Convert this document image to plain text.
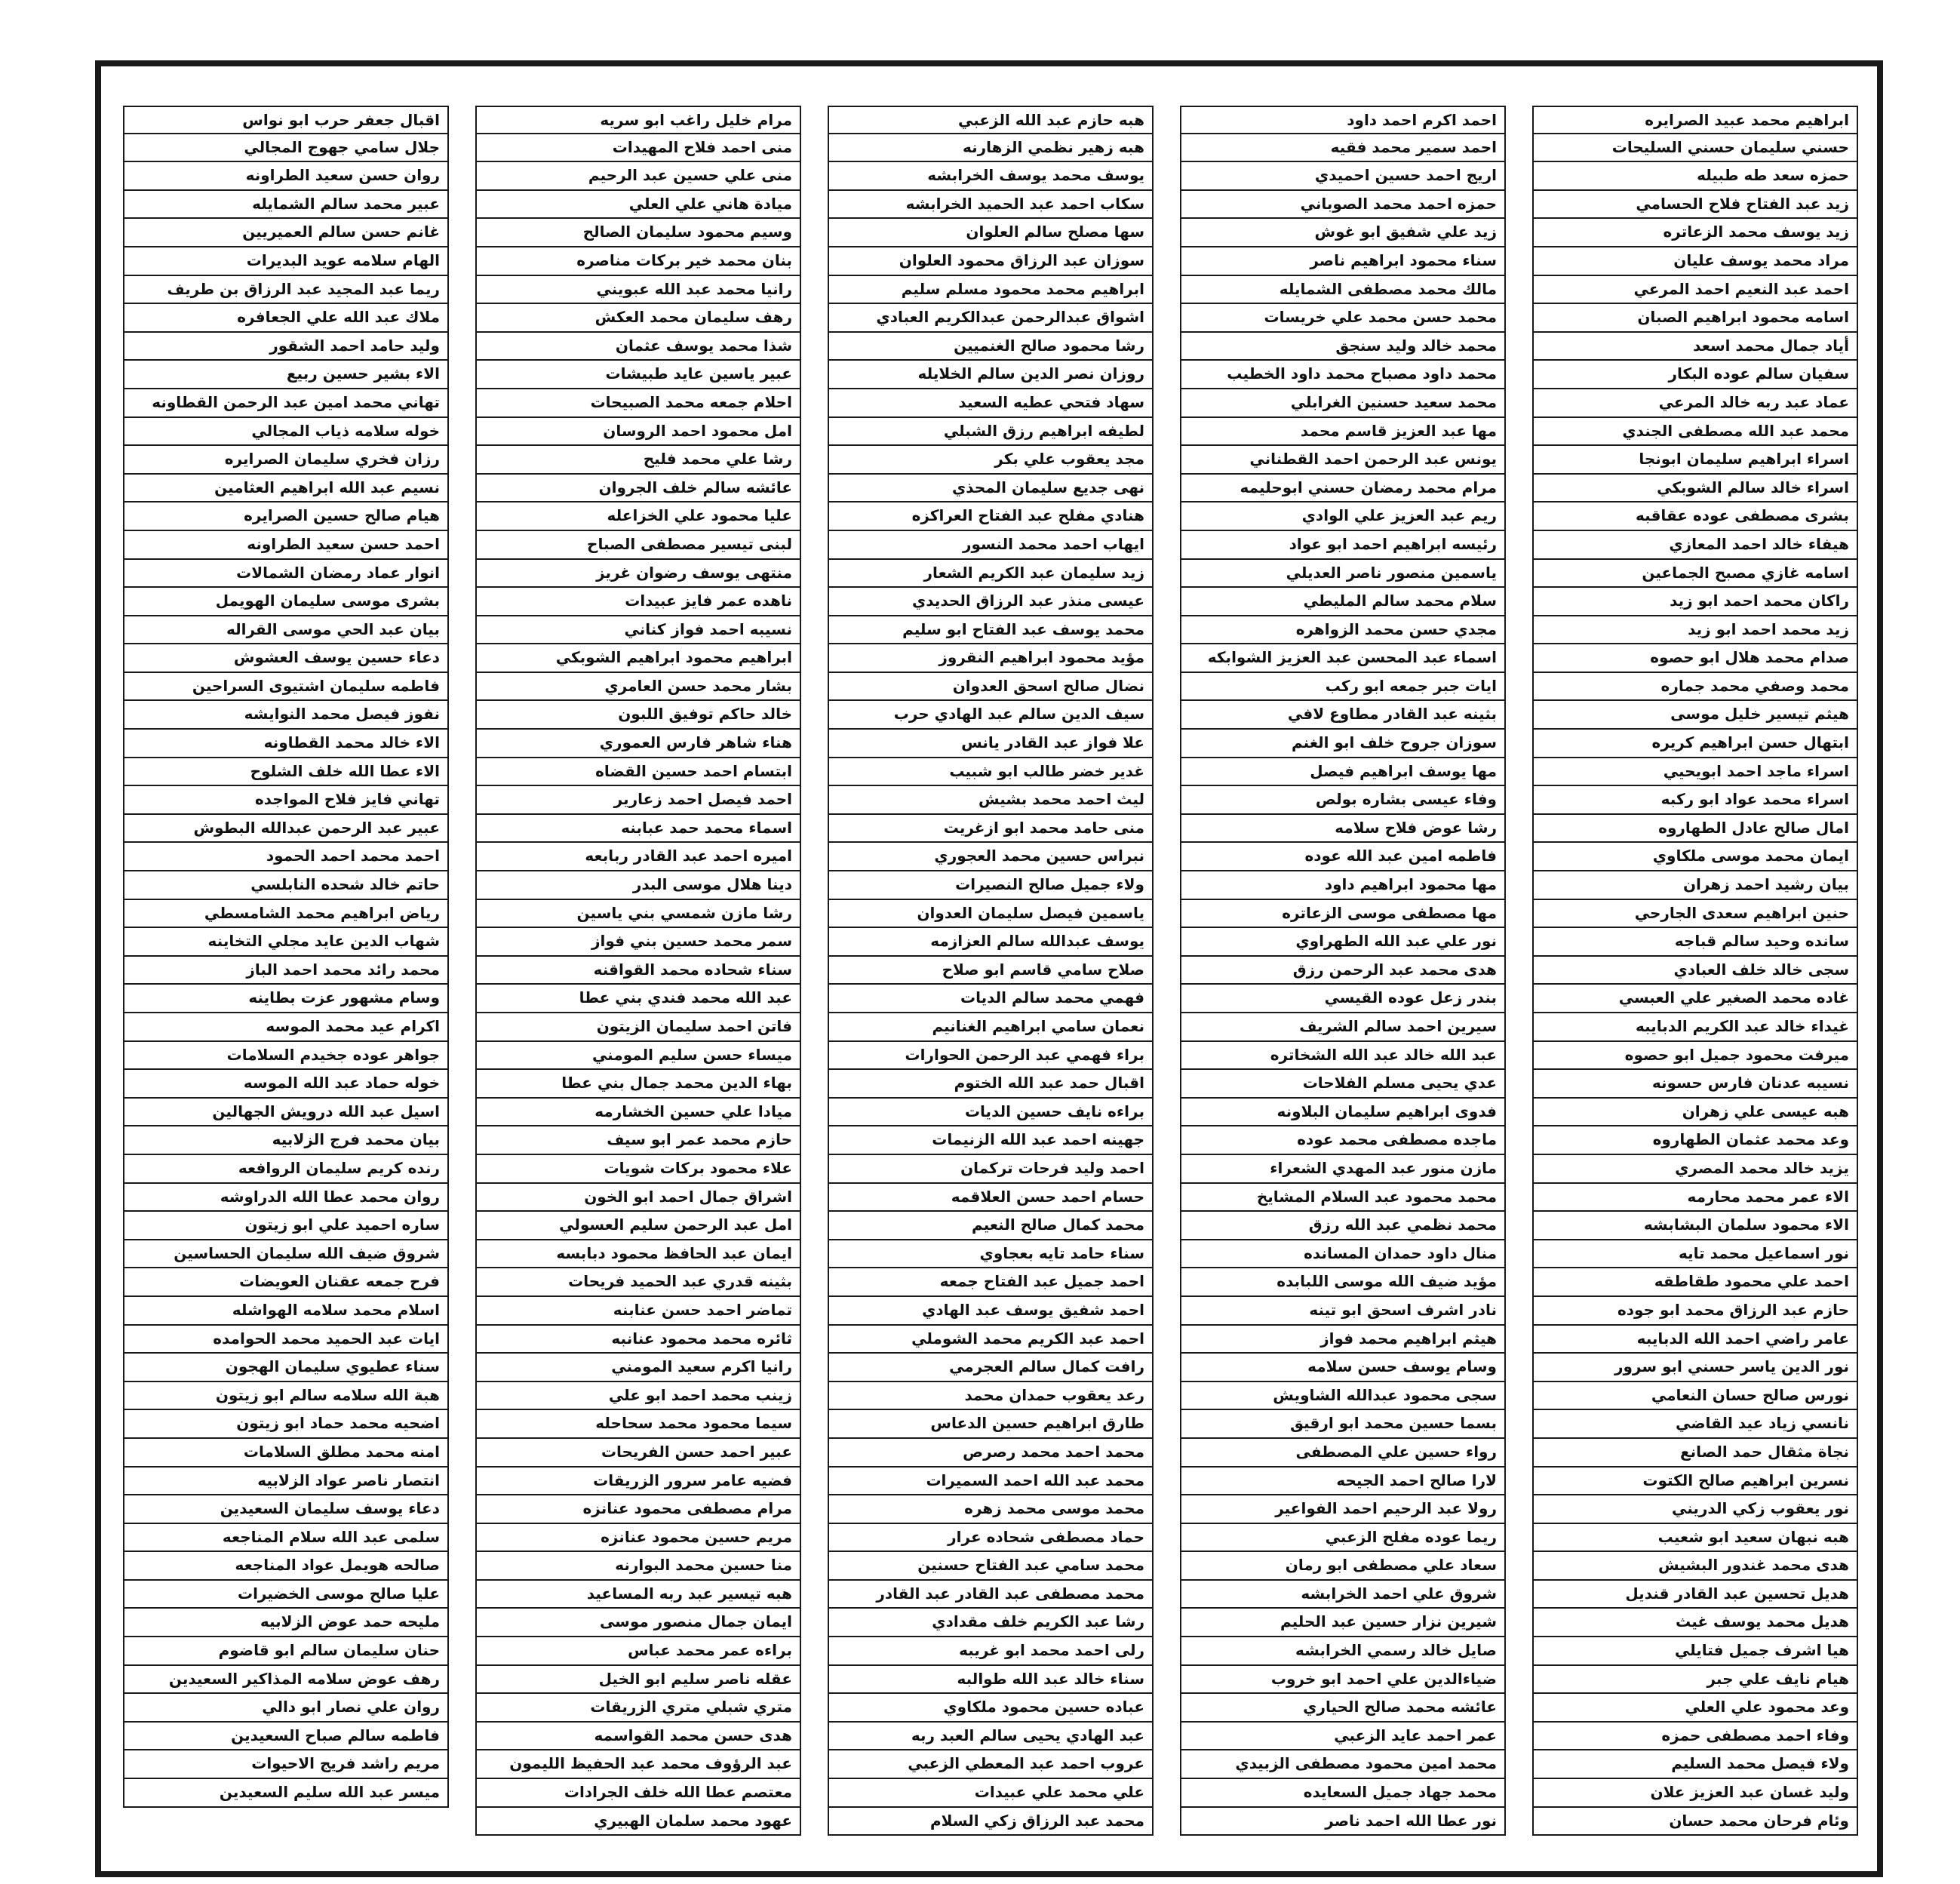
ابراهيم محمد عبيد الصرايره
حسني سليمان حسني السليحات
حمزه سعد طه طبيله
زيد عبد الفتاح فلاح الحسامي
زيد يوسف محمد الزعاتره
مراد محمد يوسف عليان
احمد عبد النعيم احمد المرعي
اسامه محمود ابراهيم الصبان
أياد جمال محمد اسعد
سفيان سالم عوده البكار
عماد عبد ربه خالد المرعي
محمد عبد الله مصطفى الجندي
اسراء ابراهيم سليمان ابونجا
اسراء خالد سالم الشوبكي
بشرى مصطفى عوده عقاقبه
هيفاء خالد احمد المعازي
اسامه غازي مصبح الجماعين
راكان محمد احمد ابو زيد
زيد محمد احمد ابو زيد
صدام محمد هلال ابو حصوه
محمد وصفي محمد جماره
هيثم تيسير خليل موسى
ابتهال حسن ابراهيم كريره
اسراء ماجد احمد ابويحيي
اسراء محمد عواد ابو ركبه
امال صالح عادل الطهاروه
ايمان محمد موسى ملكاوي
بيان رشيد احمد زهران
حنين ابراهيم سعدى الجارحي
سانده وحيد سالم قباجه
سجى خالد خلف العبادي
غاده محمد الصغير علي العبسي
غيداء خالد عبد الكريم الدبايبه
ميرفت محمود جميل ابو حصوه
نسيبه عدنان فارس حسونه
هبه عيسى علي زهران
وعد محمد عثمان الطهاروه
يزيد خالد محمد المصري
الاء عمر محمد محارمه
الاء محمود سلمان البشابشه
نور اسماعيل محمد تايه
احمد علي محمود طقاطقه
حازم عبد الرزاق محمد ابو جوده
عامر راضي احمد الله الدبايبه
نور الدين ياسر حسني ابو سرور
نورس صالح حسان النعامي
نانسي زياد عيد القاضي
نجاة مثقال حمد الصانع
نسرين ابراهيم صالح الكتوت
نور يعقوب زكي الدريني
هبه نبهان سعيد ابو شعيب
هدى محمد غندور البشيش
هديل تحسين عبد القادر قنديل
هديل محمد يوسف غيث
هيا اشرف جميل فتايلي
هيام نايف علي جبر
وعد محمود علي العلي
وفاء احمد مصطفى حمزه
ولاء فيصل محمد السليم
وليد غسان عبد العزيز علان
وئام فرحان محمد حسان
احمد اكرم احمد داود
احمد سمير محمد فقيه
اريج احمد حسين احميدي
حمزه احمد محمد الصوباني
زيد علي شفيق ابو غوش
سناء محمود ابراهيم ناصر
مالك محمد مصطفى الشمايله
محمد حسن محمد علي خريسات
محمد خالد وليد سنجق
محمد داود مصباح محمد داود الخطيب
محمد سعيد حسنين الغرابلي
مها عبد العزيز قاسم محمد
يونس عبد الرحمن احمد القطناني
مرام محمد رمضان حسني ابوحليمه
ريم عبد العزيز علي الوادي
رئيسه ابراهيم احمد ابو عواد
ياسمين منصور ناصر العديلي
سلام محمد سالم المليطي
مجدي حسن محمد الزواهره
اسماء عبد المحسن عبد العزيز الشوابكه
ايات جبر جمعه ابو ركب
بثينه عبد القادر مطاوع لافي
سوزان جروح خلف ابو الغنم
مها يوسف ابراهيم فيصل
وفاء عيسى بشاره بولص
رشا عوض فلاح سلامه
فاطمه امين عبد الله عوده
مها محمود ابراهيم داود
مها مصطفى موسى الزعاتره
نور علي عبد الله الطهراوي
هدى محمد عبد الرحمن رزق
بندر زعل عوده القيسي
سيرين احمد سالم الشريف
عبد الله خالد عبد الله الشخاتره
عدي يحيى مسلم الفلاحات
فدوى ابراهيم سليمان البلاونه
ماجده مصطفى محمد عوده
مازن منور عبد المهدي الشعراء
محمد محمود عبد السلام المشايخ
محمد نظمي عبد الله رزق
منال داود حمدان المسانده
مؤيد ضيف الله موسى اللبابده
نادر اشرف اسحق ابو تينه
هيثم ابراهيم محمد فواز
وسام يوسف حسن سلامه
سجى محمود عبدالله الشاويش
بسما حسين محمد ابو ارقيق
رواء حسين علي المصطفى
لارا صالح احمد الجيحه
رولا عبد الرحيم احمد الفواعير
ريما عوده مفلح الزعبي
سعاد علي مصطفى ابو رمان
شروق علي احمد الخرابشه
شيرين نزار حسين عبد الحليم
صايل خالد رسمي الخرابشه
ضياءالدين علي احمد ابو خروب
عائشه محمد صالح الحياري
عمر احمد عايد الزعبي
محمد امين محمود مصطفى الزبيدي
محمد جهاد جميل السعايده
نور عطا الله احمد ناصر
هبه حازم عبد الله الزعبي
هبه زهير نظمي الزهارنه
يوسف محمد يوسف الخرابشه
سكاب احمد عبد الحميد الخرابشه
سها مصلح سالم العلوان
سوزان عبد الرزاق محمود العلوان
ابراهيم محمد محمود مسلم سليم
اشواق عبدالرحمن عبدالكريم العبادي
رشا محمود صالح الغنميين
روزان نصر الدين سالم الخلايله
سهاد فتحي عطيه السعيد
لطيفه ابراهيم رزق الشبلي
مجد يعقوب علي بكر
نهى جديع سليمان المحذي
هنادي مفلح عبد الفتاح العراكزه
ايهاب احمد محمد النسور
زيد سليمان عبد الكريم الشعار
عيسى منذر عبد الرزاق الحديدي
محمد يوسف عبد الفتاح ابو سليم
مؤيد محمود ابراهيم النقروز
نضال صالح اسحق العدوان
سيف الدين سالم عبد الهادي حرب
علا فواز عبد القادر يانس
غدير خضر طالب ابو شبيب
ليث احمد محمد بشيش
منى حامد محمد ابو ازغريت
نبراس حسين محمد العجوري
ولاء جميل صالح النصيرات
ياسمين فيصل سليمان العدوان
يوسف عبدالله سالم العزازمه
صلاح سامي قاسم ابو صلاح
فهمي محمد سالم الديات
نعمان سامي ابراهيم الغنانيم
براء فهمي عبد الرحمن الحوارات
اقبال حمد عبد الله الختوم
براءه نايف حسين الديات
جهينه احمد عبد الله الزنيمات
احمد وليد فرحات تركمان
حسام احمد حسن العلاقمه
محمد كمال صالح النعيم
سناء حامد تايه بعجاوي
احمد جميل عبد الفتاح جمعه
احمد شفيق يوسف عبد الهادي
احمد عبد الكريم محمد الشوملي
رافت كمال سالم العجرمي
رعد يعقوب حمدان محمد
طارق ابراهيم حسين الدعاس
محمد احمد محمد رصرص
محمد عبد الله احمد السميرات
محمد موسى محمد زهره
حماد مصطفى شحاده عرار
محمد سامي عبد الفتاح حسنين
محمد مصطفى عبد القادر عبد القادر
رشا عبد الكريم خلف مقدادي
رلى احمد محمد ابو غريبه
سناء خالد عبد الله طوالبه
عباده حسين محمود ملكاوي
عبد الهادي يحيى سالم العبد ربه
عروب احمد عبد المعطي الزعبي
علي محمد علي عبيدات
محمد عبد الرزاق زكي السلام
مرام خليل راغب ابو سريه
منى احمد فلاح المهيدات
منى علي حسين عبد الرحيم
ميادة هاني علي العلي
وسيم محمود سليمان الصالح
بنان محمد خير بركات مناصره
رانيا محمد عبد الله عبويني
رهف سليمان محمد العكش
شذا محمد يوسف عثمان
عبير ياسين عايد طبيشات
احلام جمعه محمد الصبيحات
امل محمود احمد الروسان
رشا علي محمد فليح
عائشه سالم خلف الجروان
عليا محمود علي الخزاعله
لبنى تيسير مصطفى الصباح
منتهى يوسف رضوان غريز
ناهده عمر فايز عبيدات
نسيبه احمد فواز كناني
ابراهيم محمود ابراهيم الشوبكي
بشار محمد حسن العامري
خالد حاكم توفيق اللبون
هناء شاهر فارس العموري
ابتسام احمد حسين القضاه
احمد فيصل احمد زعارير
اسماء محمد حمد عبابنه
اميره احمد عبد القادر ربابعه
دينا هلال موسى البدر
رشا مازن شمسي بني ياسين
سمر محمد حسين بني فواز
سناء شحاده محمد القواقنه
عبد الله محمد فندي بني عطا
فاتن احمد سليمان الزيتون
ميساء حسن سليم المومني
بهاء الدين محمد جمال بني عطا
ميادا علي حسين الخشارمه
حازم محمد عمر ابو سيف
علاء محمود بركات شويات
اشراق جمال احمد ابو الخون
امل عبد الرحمن سليم العسولي
ايمان عبد الحافظ محمود دبابسه
بثينه قدري عبد الحميد فريحات
تماضر احمد حسن عنابنه
ثائره محمد محمود عنانبه
رانيا اكرم سعيد المومني
زينب محمد احمد ابو علي
سيما محمود محمد سحاحله
عبير احمد حسن الفريحات
فضيه عامر سرور الزريقات
مرام مصطفى محمود عنانزه
مريم حسين محمود عنانزه
منا حسين محمد البوارنه
هبه تيسير عبد ربه المساعيد
ايمان جمال منصور موسى
براءه عمر محمد عباس
عقله ناصر سليم ابو الخيل
متري شبلي متري الزريقات
هدى حسن محمد القواسمه
عبد الرؤوف محمد عبد الحفيظ الليمون
معتصم عطا الله خلف الجرادات
عهود محمد سلمان الهبيري
اقبال جعفر حرب ابو نواس
جلال سامي جهوج المجالي
روان حسن سعيد الطراونه
عبير محمد سالم الشمايله
غانم حسن سالم العميريين
الهام سلامه عويد البديرات
ريما عبد المجيد عبد الرزاق بن طريف
ملاك عبد الله علي الجعافره
وليد حامد احمد الشقور
الاء بشير حسين ربيع
تهاني محمد امين عبد الرحمن القطاونه
خوله سلامه ذياب المجالي
رزان فخري سليمان الصرايره
نسيم عبد الله ابراهيم العثامين
هيام صالح حسين الصرايره
احمد حسن سعيد الطراونه
انوار عماد رمضان الشمالات
بشرى موسى سليمان الهويمل
بيان عبد الحي موسى القراله
دعاء حسين يوسف العشوش
فاطمه سليمان اشتيوى السراحين
نفوز فيصل محمد النوايشه
الاء خالد محمد القطاونه
الاء عطا الله خلف الشلوح
تهاني فايز فلاح المواجده
عبير عبد الرحمن عبدالله البطوش
احمد محمد احمد الحمود
حاتم خالد شحده النابلسي
رياض ابراهيم محمد الشامسطي
شهاب الدين عايد مجلي التخاينه
محمد رائد محمد احمد الباز
وسام مشهور عزت بطاينه
اكرام عيد محمد الموسه
جواهر عوده جخيدم السلامات
خوله حماد عبد الله الموسه
اسيل عبد الله درويش الجهالين
بيان محمد فرج الزلابيه
رنده كريم سليمان الروافعه
روان محمد عطا الله الدراوشه
ساره احميد علي ابو زيتون
شروق ضيف الله سليمان الحساسين
فرح جمعه عقنان العويضات
اسلام محمد سلامه الهواشله
ايات عبد الحميد محمد الحوامده
سناء عطيوي سليمان الهجون
هبة الله سلامه سالم ابو زيتون
اضحيه محمد حماد ابو زيتون
امنه محمد مطلق السلامات
انتصار ناصر عواد الزلابيه
دعاء يوسف سليمان السعيدين
سلمى عبد الله سلام المناجعه
صالحه هويمل عواد المناجعه
عليا صالح موسى الخضيرات
مليحه حمد عوض الزلابيه
حنان سليمان سالم ابو قاضوم
رهف عوض سلامه المذاكير السعيدين
روان علي نصار ابو دالي
فاطمه سالم صباح السعيدين
مريم راشد فريج الاحيوات
ميسر عبد الله سليم السعيدين
